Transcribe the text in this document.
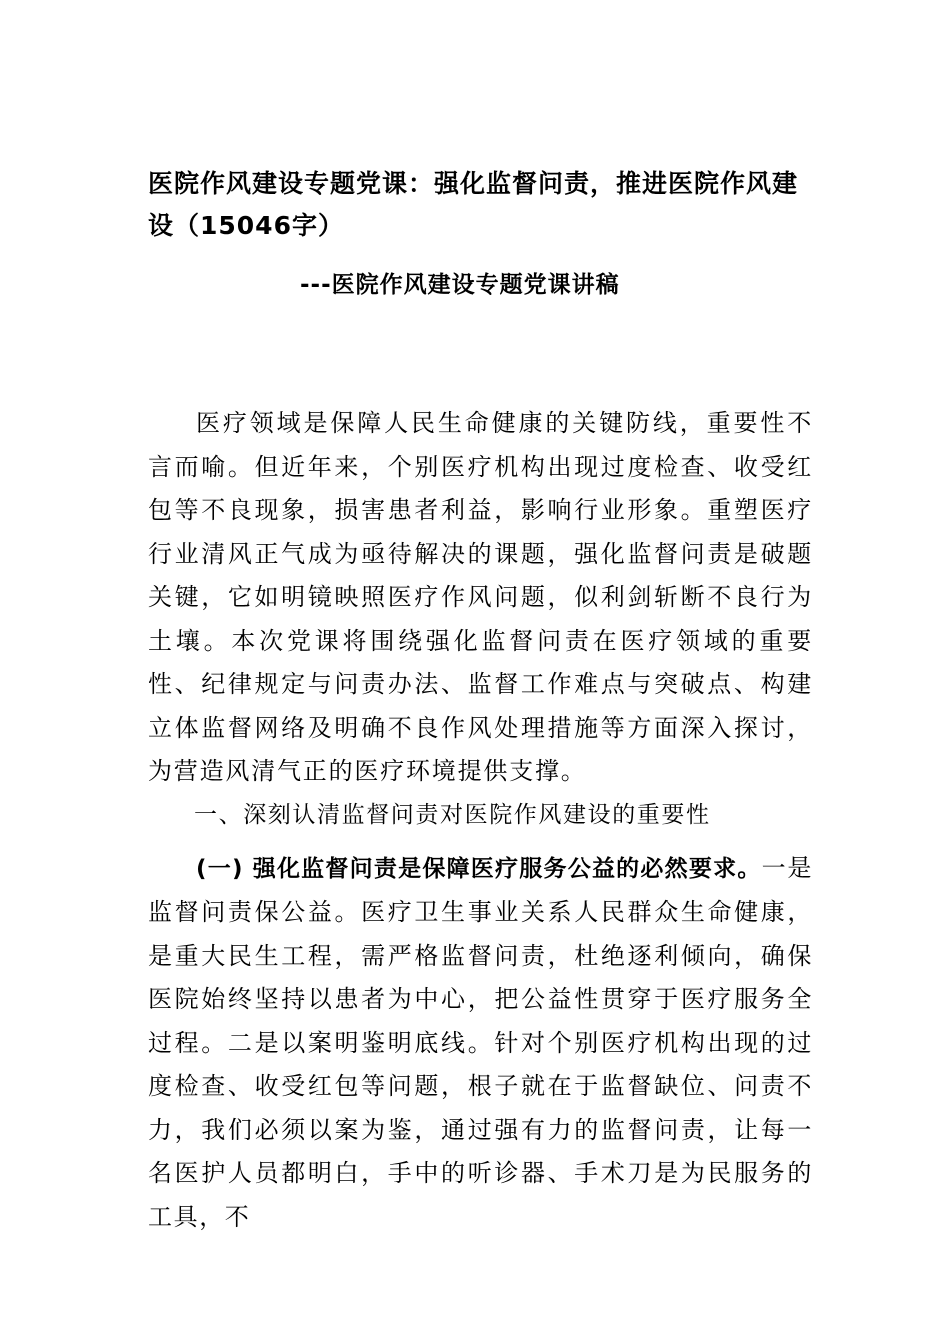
医院作风建设专题党课：强化监督问责，推进医院作风建设（15046字）
---医院作风建设专题党课讲稿

医疗领域是保障人民生命健康的关键防线，重要性不言而喻。但近年来，个别医疗机构出现过度检查、收受红包等不良现象，损害患者利益，影响行业形象。重塑医疗行业清风正气成为亟待解决的课题，强化监督问责是破题关键，它如明镜映照医疗作风问题，似利剑斩断不良行为土壤。本次党课将围绕强化监督问责在医疗领域的重要性、纪律规定与问责办法、监督工作难点与突破点、构建立体监督网络及明确不良作风处理措施等方面深入探讨，为营造风清气正的医疗环境提供支撑。

一、深刻认清监督问责对医院作风建设的重要性

(一) 强化监督问责是保障医疗服务公益的必然要求。一是监督问责保公益。医疗卫生事业关系人民群众生命健康，是重大民生工程，需严格监督问责，杜绝逐利倾向，确保医院始终坚持以患者为中心，把公益性贯穿于医疗服务全过程。二是以案明鉴明底线。针对个别医疗机构出现的过度检查、收受红包等问题，根子就在于监督缺位、问责不力，我们必须以案为鉴，通过强有力的监督问责，让每一名医护人员都明白，手中的听诊器、手术刀是为民服务的工具，不
